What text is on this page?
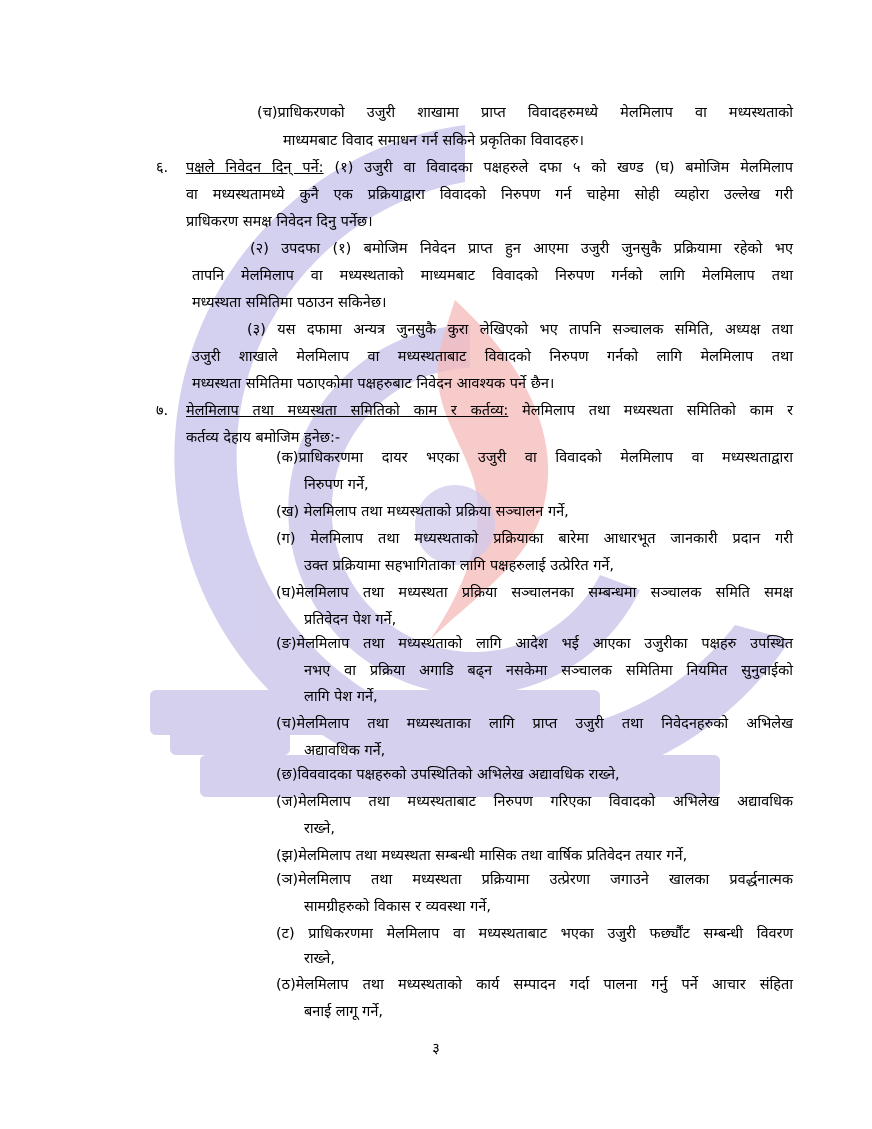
(च)प्राधिकरणको उजुरी शाखामा प्राप्त विवादहरुमध्ये मेलमिलाप वा मध्यस्थताको
माध्यमबाट विवाद समाधन गर्न सकिने प्रकृतिका विवादहरु।
६. पक्षले निवेदन दिन् पर्ने: (१) उजुरी वा विवादका पक्षहरुले दफा ५ को खण्ड (घ) बमोजिम मेलमिलाप
वा मध्यस्थतामध्ये कुनै एक प्रक्रियाद्वारा विवादको निरुपण गर्न चाहेमा सोही व्यहोरा उल्लेख गरी
प्राधिकरण समक्ष निवेदन दिनु पर्नेछ।
(२) उपदफा (१) बमोजिम निवेदन प्राप्त हुन आएमा उजुरी जुनसुकै प्रक्रियामा रहेको भए
तापनि मेलमिलाप वा मध्यस्थताको माध्यमबाट विवादको निरुपण गर्नको लागि मेलमिलाप तथा
मध्यस्थता समितिमा पठाउन सकिनेछ।
(३) यस दफामा अन्यत्र जुनसुकै कुरा लेखिएको भए तापनि सञ्चालक समिति, अध्यक्ष तथा
उजुरी शाखाले मेलमिलाप वा मध्यस्थताबाट विवादको निरुपण गर्नको लागि मेलमिलाप तथा
मध्यस्थता समितिमा पठाएकोमा पक्षहरुबाट निवेदन आवश्यक पर्ने छैन।
७. मेलमिलाप तथा मध्यस्थता समितिको काम र कर्तव्य: मेलमिलाप तथा मध्यस्थता समितिको काम र
कर्तव्य देहाय बमोजिम हुनेछ:-
(क)प्राधिकरणमा दायर भएका उजुरी वा विवादको मेलमिलाप वा मध्यस्थताद्वारा
निरुपण गर्ने,
(ख) मेलमिलाप तथा मध्यस्थताको प्रक्रिया सञ्चालन गर्ने,
(ग) मेलमिलाप तथा मध्यस्थताको प्रक्रियाका बारेमा आधारभूत जानकारी प्रदान गरी
उक्त प्रक्रियामा सहभागिताका लागि पक्षहरुलाई उत्प्रेरित गर्ने,
(घ)मेलमिलाप तथा मध्यस्थता प्रक्रिया सञ्चालनका सम्बन्धमा सञ्चालक समिति समक्ष
प्रतिवेदन पेश गर्ने,
(ङ)मेलमिलाप तथा मध्यस्थताको लागि आदेश भई आएका उजुरीका पक्षहरु उपस्थित
नभए वा प्रक्रिया अगाडि बढ्न नसकेमा सञ्चालक समितिमा नियमित सुनुवाईको
लागि पेश गर्ने,
(च)मेलमिलाप तथा मध्यस्थताका लागि प्राप्त उजुरी तथा निवेदनहरुको अभिलेख
अद्यावधिक गर्ने,
(छ)विववादका पक्षहरुको उपस्थितिको अभिलेख अद्यावधिक राख्ने,
(ज)मेलमिलाप तथा मध्यस्थताबाट निरुपण गरिएका विवादको अभिलेख अद्यावधिक
राख्ने,
(झ)मेलमिलाप तथा मध्यस्थता सम्बन्धी मासिक तथा वार्षिक प्रतिवेदन तयार गर्ने,
(ञ)मेलमिलाप तथा मध्यस्थता प्रक्रियामा उत्प्रेरणा जगाउने खालका प्रवर्द्धनात्मक
सामग्रीहरुको विकास र व्यवस्था गर्ने,
(ट) प्राधिकरणमा मेलमिलाप वा मध्यस्थताबाट भएका उजुरी फर्छ्यौंट सम्बन्धी विवरण
राख्ने,
(ठ)मेलमिलाप तथा मध्यस्थताको कार्य सम्पादन गर्दा पालना गर्नु पर्ने आचार संहिता
बनाई लागू गर्ने,
३
